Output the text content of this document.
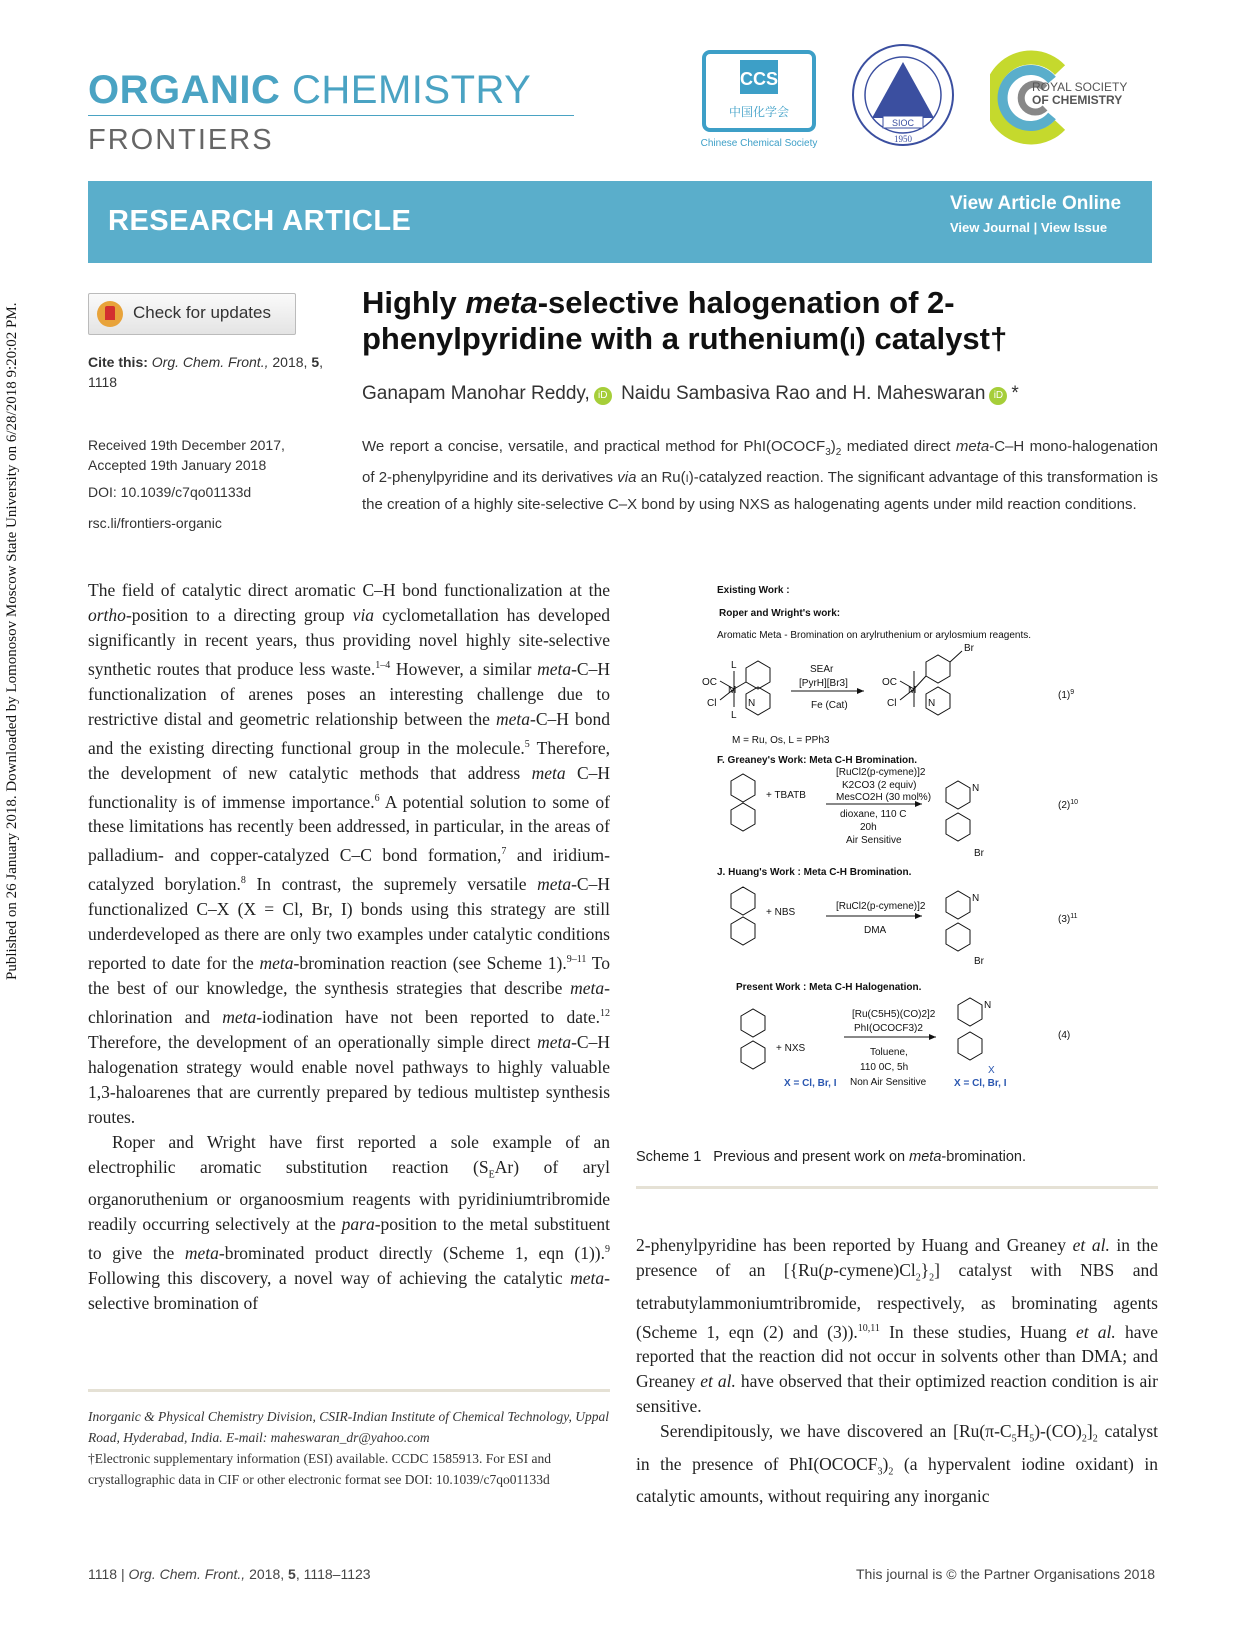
Published on 26 January 2018. Downloaded by Lomonosov Moscow State University on 6/28/2018 9:20:02 PM.
ORGANIC CHEMISTRY
FRONTIERS
CCS
中国化学会
Chinese Chemical Society
SIOC
1950
ROYAL SOCIETY
OF CHEMISTRY
RESEARCH ARTICLE
View Article Online
View Journal | View Issue
Check for updates
Cite this: Org. Chem. Front., 2018, 5, 1118
Received 19th December 2017,
Accepted 19th January 2018
DOI: 10.1039/c7qo01133d
rsc.li/frontiers-organic
Highly meta-selective halogenation of 2-phenylpyridine with a ruthenium(I) catalyst†
Ganapam Manohar Reddy, iD Naidu Sambasiva Rao and H. Maheswaran iD *
We report a concise, versatile, and practical method for $PhI(OCOCF_3)_2$ mediated direct meta-C–H mono-halogenation of 2-phenylpyridine and its derivatives via an Ru(I)-catalyzed reaction. The significant advantage of this transformation is the creation of a highly site-selective C–X bond by using NXS as halogenating agents under mild reaction conditions.

The field of catalytic direct aromatic C–H bond functionalization at the ortho-position to a directing group via cyclometallation has developed significantly in recent years, thus providing novel highly site-selective synthetic routes that produce less waste.$^{1-4}$ However, a similar meta-C–H functionalization of arenes poses an interesting challenge due to restrictive distal and geometric relationship between the meta-C–H bond and the existing directing functional group in the molecule.$^5$ Therefore, the development of new catalytic methods that address meta C–H functionality is of immense importance.$^6$ A potential solution to some of these limitations has recently been addressed, in particular, in the areas of palladium- and copper-catalyzed C–C bond formation,$^7$ and iridium-catalyzed borylation.$^8$ In contrast, the supremely versatile meta-C–H functionalized C–X (X = Cl, Br, I) bonds using this strategy are still underdeveloped as there are only two examples under catalytic conditions reported to date for the meta-bromination reaction (see Scheme 1).$^{9-11}$ To the best of our knowledge, the synthesis strategies that describe meta-chlorination and meta-iodination have not been reported to date.$^{12}$ Therefore, the development of an operationally simple direct meta-C–H halogenation strategy would enable novel pathways to highly valuable 1,3-haloarenes that are currently prepared by tedious multistep synthesis routes.

Roper and Wright have first reported a sole example of an electrophilic aromatic substitution reaction $(S_EAr)$ of aryl organoruthenium or organoosmium reagents with pyridiniumtribromide readily occurring selectively at the para-position to the metal substituent to give the meta-brominated product directly (Scheme 1, eqn (1)).$^9$ Following this discovery, a novel way of achieving the catalytic meta-selective bromination of

Inorganic & Physical Chemistry Division, CSIR-Indian Institute of Chemical Technology, Uppal Road, Hyderabad, India. E-mail: maheswaran_dr@yahoo.com
†Electronic supplementary information (ESI) available. CCDC 1585913. For ESI and crystallographic data in CIF or other electronic format see DOI: 10.1039/c7qo01133d
Existing Work :
Roper and Wright's work:
Aromatic Meta - Bromination on arylruthenium or arylosmium reagents.
OC
Cl
L
L
M
N
SEAr
[PyrH][Br3]
Fe (Cat)
OC
Cl
M
N
Br
$(1)^9$
M = Ru, Os, L = PPh3
F. Greaney's Work: Meta C-H Bromination.
+ TBATB
[RuCl2(p-cymene)]2
K2CO3 (2 equiv)
MesCO2H (30 mol%)
dioxane, 110 C
20h
Air Sensitive
N
Br
$(2)^{10}$
J. Huang's Work : Meta C-H Bromination.
+ NBS
[RuCl2(p-cymene)]2
DMA
N
Br
$(3)^{11}$
Present Work : Meta C-H Halogenation.
+ NXS
[Ru(C5H5)(CO)2]2
PhI(OCOCF3)2
Toluene,
110 0C, 5h
Non Air Sensitive
X = Cl, Br, I
N
X
X = Cl, Br, I
(4)
Scheme 1 Previous and present work on meta-bromination.

2-phenylpyridine has been reported by Huang and Greaney et al. in the presence of an $[\{Ru(p-cymene)Cl_2\}_2]$ catalyst with NBS and tetrabutylammoniumtribromide, respectively, as brominating agents (Scheme 1, eqn (2) and (3)).$^{10,11}$ In these studies, Huang et al. have reported that the reaction did not occur in solvents other than DMA; and Greaney et al. have observed that their optimized reaction condition is air sensitive.

Serendipitously, we have discovered an $[Ru(\pi-C_5H_5)-(CO)_2]_2$ catalyst in the presence of $PhI(OCOCF_3)_2$ (a hypervalent iodine oxidant) in catalytic amounts, without requiring any inorganic

1118 | Org. Chem. Front., 2018, 5, 1118–1123	This journal is © the Partner Organisations 2018
